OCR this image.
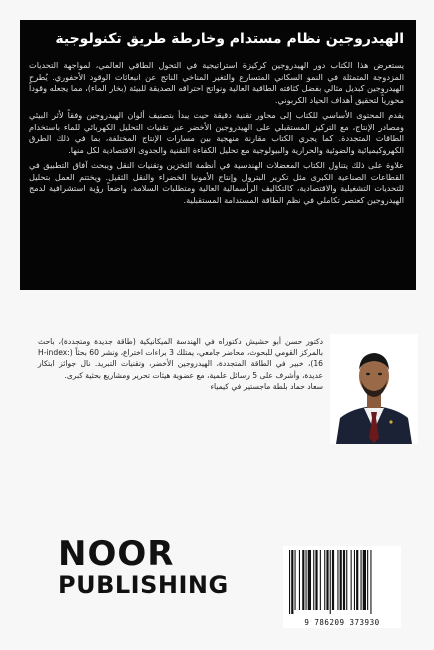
الهيدروجين نظام مستدام وخارطة طريق تكنولوجية

يستعرض هذا الكتاب دور الهيدروجين كركيزة استراتيجية في التحول الطاقي العالمي، لمواجهة التحديات المزدوجة المتمثلة في النمو السكاني المتسارع والتغير المناخي الناتج عن انبعاثات الوقود الأحفوري. يُطرح الهيدروجين كبديل مثالي بفضل كثافته الطاقية العالية ونواتج احتراقه الصديقة للبيئة (بخار الماء)، مما يجعله وقوداً محورياً لتحقيق أهداف الحياد الكربوني.

يقدم المحتوى الأساسي للكتاب إلى محاور تقنية دقيقة حيث يبدأ بتصنيف ألوان الهيدروجين وفقاً لأثر البيئي ومصادر الإنتاج، مع التركيز المستقبلي على الهيدروجين الأخضر عبر تقنيات التحليل الكهربائي للماء باستخدام الطاقات المتجددة. كما يجري الكتاب مقارنة منهجية بين مسارات الإنتاج المختلفة، بما في ذلك الطرق الكهروكيميائية والضوئية والحرارية والبيولوجية مع تحليل الكفاءة التقنية والجدوى الاقتصادية لكل منها.

علاوة على ذلك يتناول الكتاب المعضلات الهندسية في أنظمة التخزين وتقنيات النقل ويبحث آفاق التطبيق في القطاعات الصناعية الكبرى مثل تكرير البترول وإنتاج الأمونيا الخضراء والنقل الثقيل. ويختتم العمل بتحليل للتحديات التشغيلية والاقتصادية، كالتكاليف الرأسمالية العالية ومتطلبات السلامة، واضعاً رؤية استشرافية لدمج الهيدروجين كعنصر تكاملي في نظم الطاقة المستدامة المستقبلية.

دكتور حسن أبو حشيش دكتوراه في الهندسة الميكانيكية (طاقة جديدة ومتجددة)، باحث بالمركز القومي للبحوث، محاضر جامعي، يمتلك 3 براءات اختراع، ونشر 60 بحثاً (H-index: 16)، خبير في الطاقة المتجددة، الهيدروجين الأخضر، وتقنيات التبريد. نال جوائز ابتكار عديدة، وأشرف على 5 رسائل علمية، مع عضوية هيئات تحرير ومشاريع بحثية كبرى.
سعاد حماد بلطة ماجستير في كيمياء
NOOR
PUBLISHING
9 786209 373930
